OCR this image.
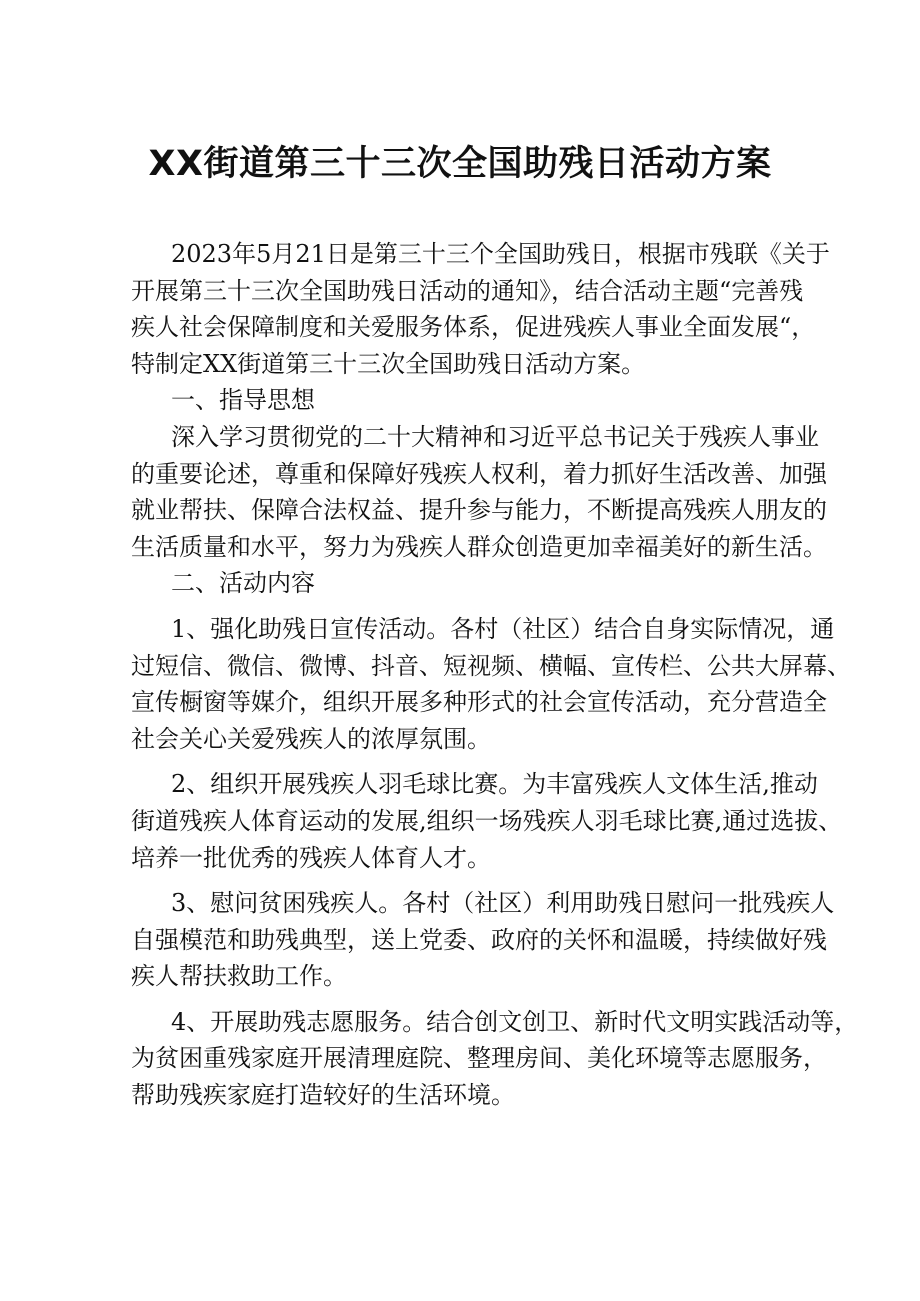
XX街道第三十三次全国助残日活动方案
2023年5月21日是第三十三个全国助残日，根据市残联《关于
开展第三十三次全国助残日活动的通知》，结合活动主题“完善残
疾人社会保障制度和关爱服务体系，促进残疾人事业全面发展“，
特制定XX街道第三十三次全国助残日活动方案。
一、指导思想
深入学习贯彻党的二十大精神和习近平总书记关于残疾人事业
的重要论述，尊重和保障好残疾人权利，着力抓好生活改善、加强
就业帮扶、保障合法权益、提升参与能力，不断提高残疾人朋友的
生活质量和水平，努力为残疾人群众创造更加幸福美好的新生活。
二、活动内容
1、强化助残日宣传活动。各村（社区）结合自身实际情况，通
过短信、微信、微博、抖音、短视频、横幅、宣传栏、公共大屏幕、
宣传橱窗等媒介，组织开展多种形式的社会宣传活动，充分营造全
社会关心关爱残疾人的浓厚氛围。
2、组织开展残疾人羽毛球比赛。为丰富残疾人文体生活,推动
街道残疾人体育运动的发展,组织一场残疾人羽毛球比赛,通过选拔、
培养一批优秀的残疾人体育人才。
3、慰问贫困残疾人。各村（社区）利用助残日慰问一批残疾人
自强模范和助残典型，送上党委、政府的关怀和温暖，持续做好残
疾人帮扶救助工作。
4、开展助残志愿服务。结合创文创卫、新时代文明实践活动等，
为贫困重残家庭开展清理庭院、整理房间、美化环境等志愿服务，
帮助残疾家庭打造较好的生活环境。
